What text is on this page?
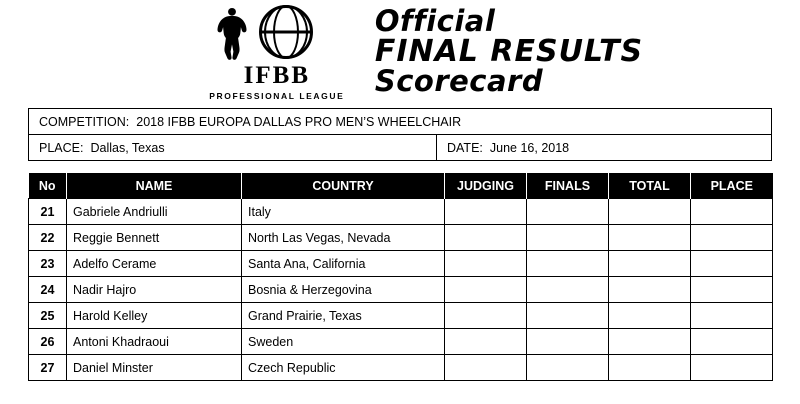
IFBB
PROFESSIONAL LEAGUE
Official
FINAL RESULTS
Scorecard
COMPETITION: 2018 IFBB EUROPA DALLAS PRO MEN’S WHEELCHAIR
PLACE: Dallas, Texas	DATE: June 16, 2018
No	NAME	COUNTRY	JUDGING	FINALS	TOTAL	PLACE
21	Gabriele Andriulli	Italy				
22	Reggie Bennett	North Las Vegas, Nevada				
23	Adelfo Cerame	Santa Ana, California				
24	Nadir Hajro	Bosnia & Herzegovina				
25	Harold Kelley	Grand Prairie, Texas				
26	Antoni Khadraoui	Sweden				
27	Daniel Minster	Czech Republic				
